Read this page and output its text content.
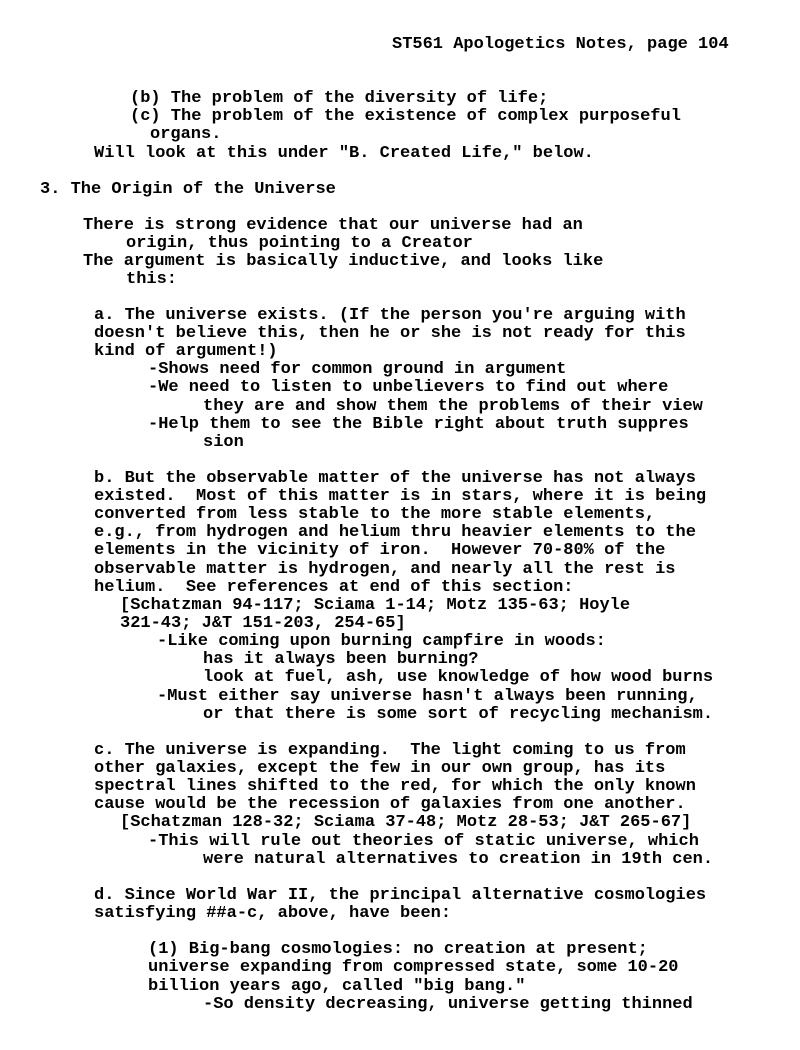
ST561 Apologetics Notes, page 104
(b) The problem of the diversity of life;
(c) The problem of the existence of complex purposeful
organs.
Will look at this under "B. Created Life," below.
3. The Origin of the Universe
There is strong evidence that our universe had an
origin, thus pointing to a Creator
The argument is basically inductive, and looks like
this:
a. The universe exists. (If the person you're arguing with
doesn't believe this, then he or she is not ready for this
kind of argument!)
-Shows need for common ground in argument
-We need to listen to unbelievers to find out where
they are and show them the problems of their view
-Help them to see the Bible right about truth suppres
sion
b. But the observable matter of the universe has not always
existed.  Most of this matter is in stars, where it is being
converted from less stable to the more stable elements,
e.g., from hydrogen and helium thru heavier elements to the
elements in the vicinity of iron.  However 70-80% of the
observable matter is hydrogen, and nearly all the rest is
helium.  See references at end of this section:
[Schatzman 94-117; Sciama 1-14; Motz 135-63; Hoyle
321-43; J&T 151-203, 254-65]
-Like coming upon burning campfire in woods:
has it always been burning?
look at fuel, ash, use knowledge of how wood burns
-Must either say universe hasn't always been running,
or that there is some sort of recycling mechanism.
c. The universe is expanding.  The light coming to us from
other galaxies, except the few in our own group, has its
spectral lines shifted to the red, for which the only known
cause would be the recession of galaxies from one another.
[Schatzman 128-32; Sciama 37-48; Motz 28-53; J&T 265-67]
-This will rule out theories of static universe, which
were natural alternatives to creation in 19th cen.
d. Since World War II, the principal alternative cosmologies
satisfying ##a-c, above, have been:
(1) Big-bang cosmologies: no creation at present;
universe expanding from compressed state, some 10-20
billion years ago, called "big bang."
-So density decreasing, universe getting thinned
